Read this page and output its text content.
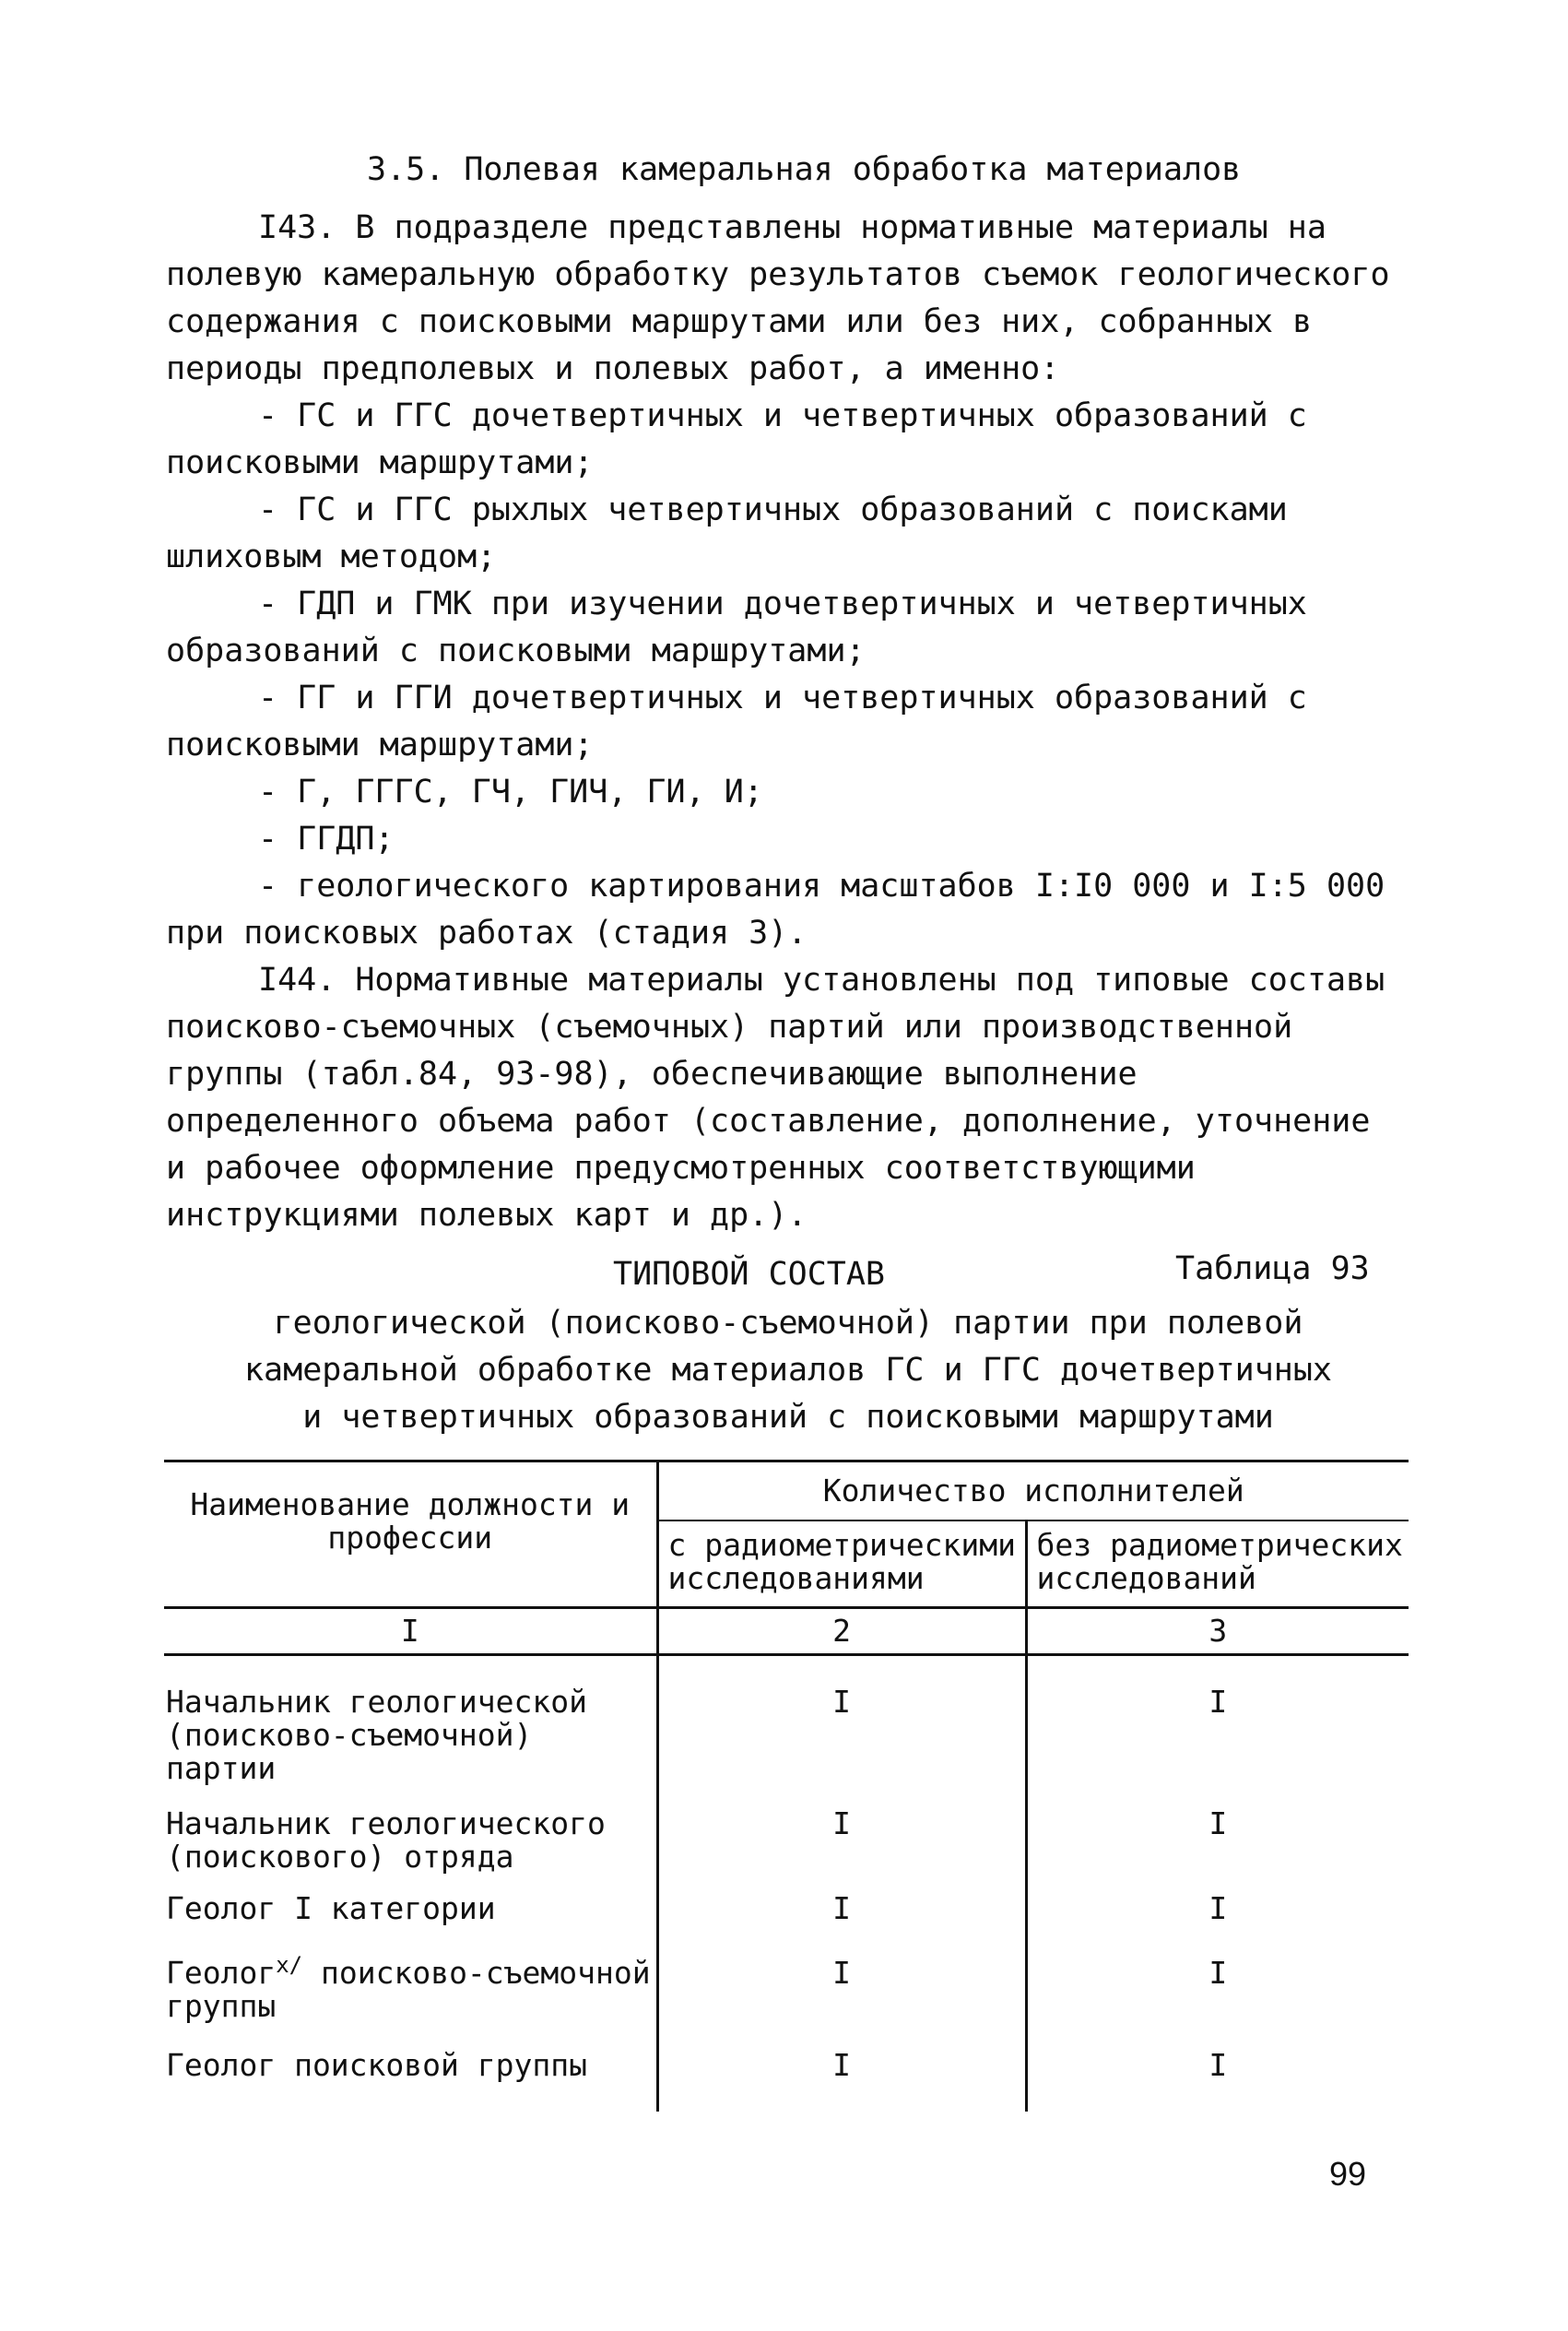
3.5. Полевая камеральная обработка материалов

I43. В подразделе представлены нормативные материалы на полевую камеральную обработку результатов съемок геологического содержания с поисковыми маршрутами или без них, собранных в периоды предполевых и полевых работ, а именно:

- ГС и ГГС дочетвертичных и четвертичных образований с поисковыми маршрутами;

- ГС и ГГС рыхлых четвертичных образований с поисками шлиховым методом;

- ГДП и ГМК при изучении дочетвертичных и четвертичных образований с поисковыми маршрутами;

- ГГ и ГГИ дочетвертичных и четвертичных образований с поисковыми маршрутами;

- Г, ГГГС, ГЧ, ГИЧ, ГИ, И;

- ГГДП;

- геологического картирования масштабов I:I0 000 и I:5 000 при поисковых работах (стадия 3).

I44. Нормативные материалы установлены под типовые составы поисково-съемочных (съемочных) партий или производственной группы (табл.84, 93-98), обеспечивающие выполнение определенного объема работ (составление, дополнение, уточнение и рабочее оформление предусмотренных соответствующими инструкциями полевых карт и др.).

ТИПОВОЙ СОСТАВ	Таблица 93
геологической (поисково-съемочной) партии при полевой
камеральной обработке материалов ГС и ГГС дочетвертичных
и четвертичных образований с поисковыми маршрутами
Наименование должности и профессии	Количество исполнителей	
	с радиометрическими исследованиями	без радиометрических исследований
I	2	3
Начальник геологической (поисково-съемочной) партии	I	I
Начальник геологического (поискового) отряда	I	I
Геолог I категории	I	I
Геолог$^{x/}$ поисково-съемочной группы	I	I
Геолог поисковой группы	I	I
99
